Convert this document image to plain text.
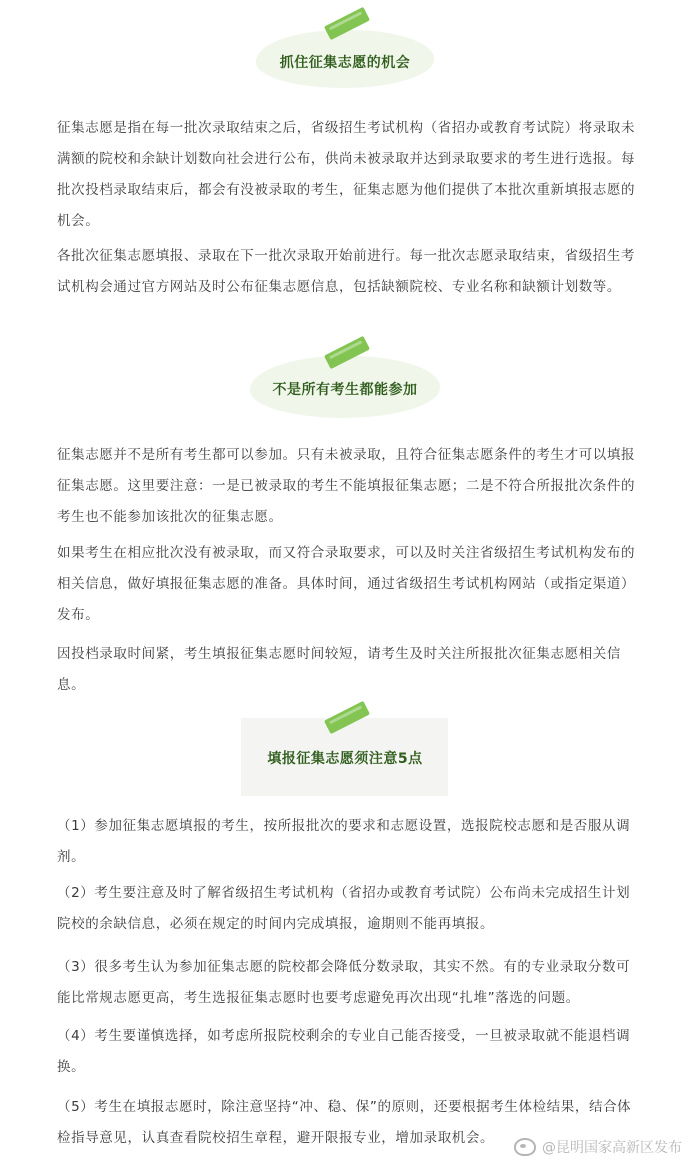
抓住征集志愿的机会

征集志愿是指在每一批次录取结束之后，省级招生考试机构（省招办或教育考试院）将录取未满额的院校和余缺计划数向社会进行公布，供尚未被录取并达到录取要求的考生进行选报。每批次投档录取结束后，都会有没被录取的考生，征集志愿为他们提供了本批次重新填报志愿的机会。

各批次征集志愿填报、录取在下一批次录取开始前进行。每一批次志愿录取结束，省级招生考试机构会通过官方网站及时公布征集志愿信息，包括缺额院校、专业名称和缺额计划数等。

不是所有考生都能参加

征集志愿并不是所有考生都可以参加。只有未被录取，且符合征集志愿条件的考生才可以填报征集志愿。这里要注意：一是已被录取的考生不能填报征集志愿；二是不符合所报批次条件的考生也不能参加该批次的征集志愿。

如果考生在相应批次没有被录取，而又符合录取要求，可以及时关注省级招生考试机构发布的相关信息，做好填报征集志愿的准备。具体时间，通过省级招生考试机构网站（或指定渠道）发布。

因投档录取时间紧，考生填报征集志愿时间较短，请考生及时关注所报批次征集志愿相关信息。

填报征集志愿须注意5点

（1）参加征集志愿填报的考生，按所报批次的要求和志愿设置，选报院校志愿和是否服从调剂。

（2）考生要注意及时了解省级招生考试机构（省招办或教育考试院）公布尚未完成招生计划院校的余缺信息，必须在规定的时间内完成填报，逾期则不能再填报。

（3）很多考生认为参加征集志愿的院校都会降低分数录取，其实不然。有的专业录取分数可能比常规志愿更高，考生选报征集志愿时也要考虑避免再次出现“扎堆”落选的问题。

（4）考生要谨慎选择，如考虑所报院校剩余的专业自己能否接受，一旦被录取就不能退档调换。

（5）考生在填报志愿时，除注意坚持“冲、稳、保”的原则，还要根据考生体检结果，结合体检指导意见，认真查看院校招生章程，避开限报专业，增加录取机会。

@昆明国家高新区发布
